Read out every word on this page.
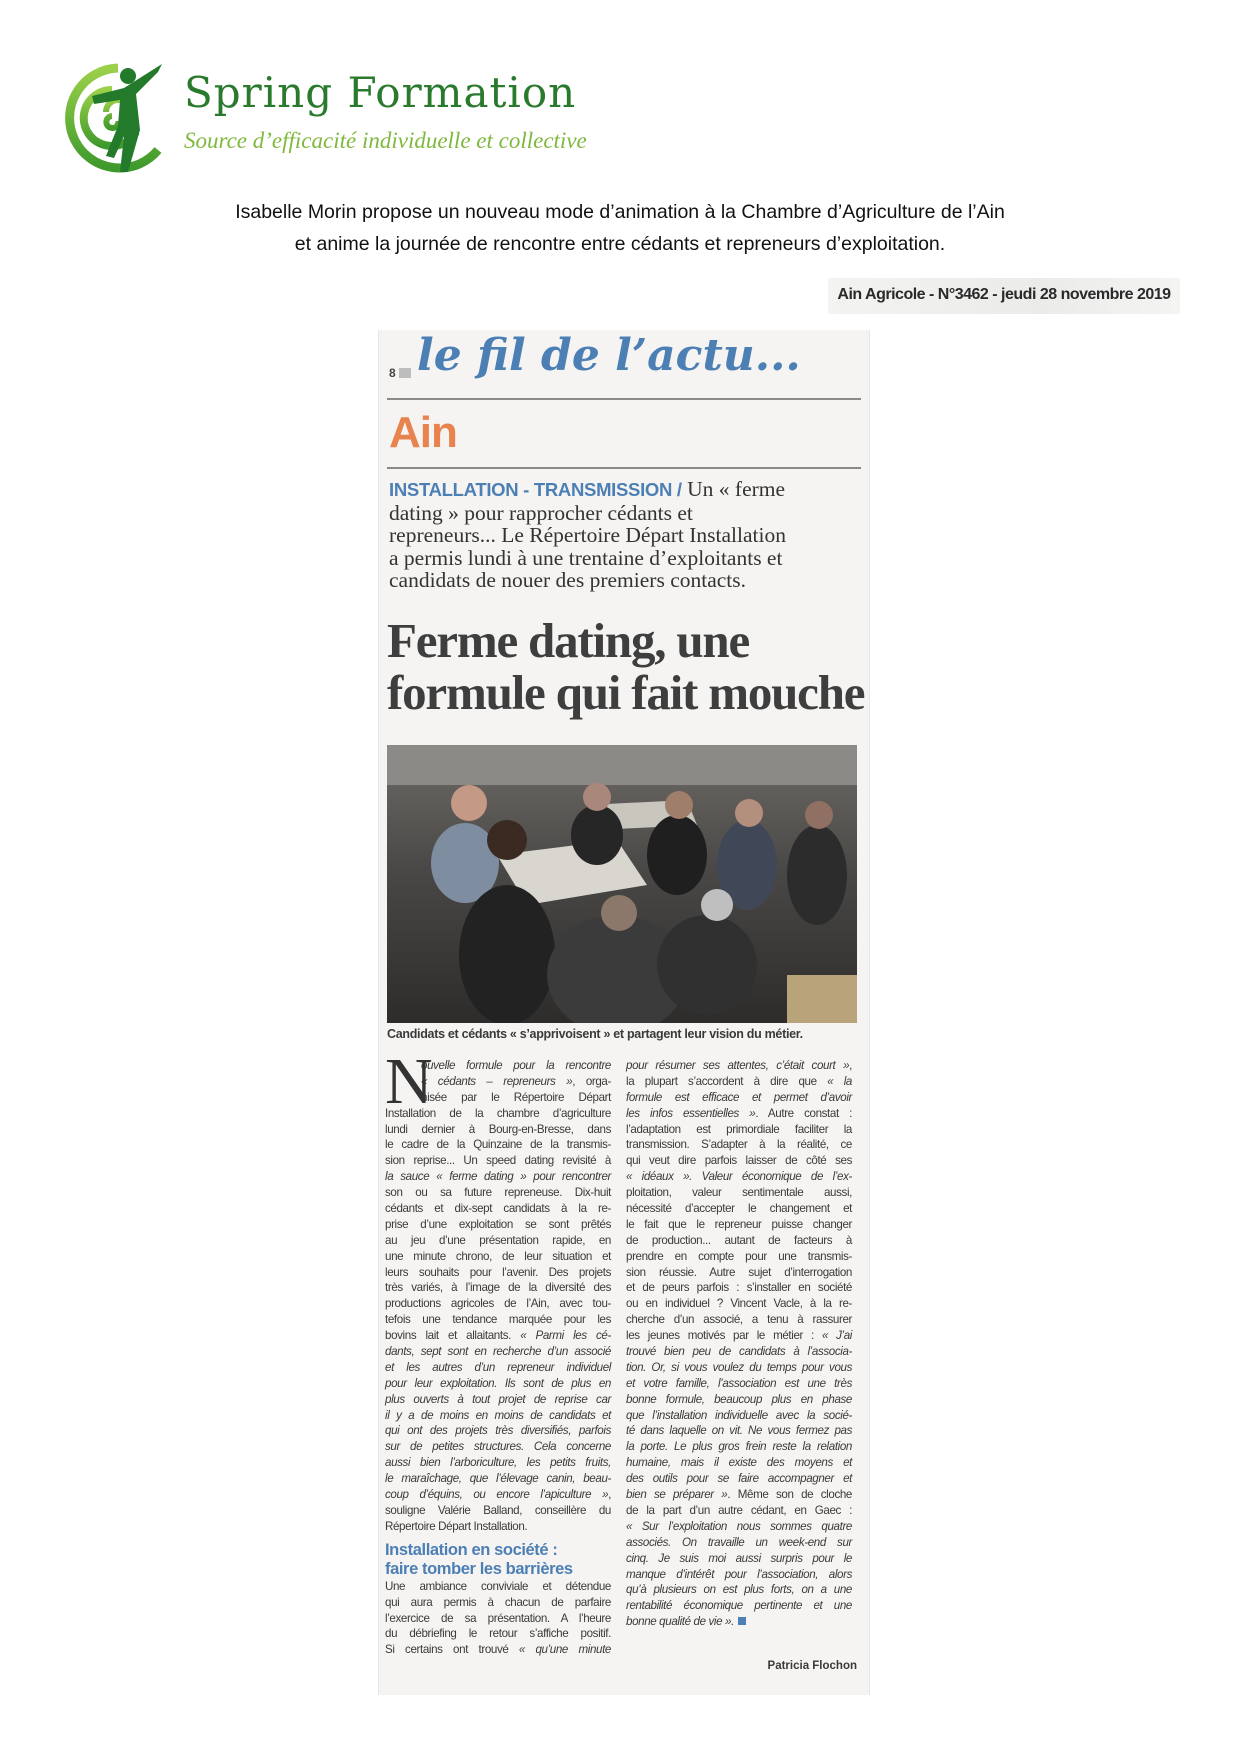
Spring Formation
Source d’efficacité individuelle et collective
Isabelle Morin propose un nouveau mode d’animation à la Chambre d’Agriculture de l’Ain
et anime la journée de rencontre entre cédants et repreneurs d’exploitation.
Ain Agricole - N°3462 - jeudi 28 novembre 2019
8 le fil de l’actu...
Ain
INSTALLATION - TRANSMISSION / Un « ferme
dating » pour rapprocher cédants et
repreneurs... Le Répertoire Départ Installation
a permis lundi à une trentaine d’exploitants et
candidats de nouer des premiers contacts.
Ferme dating, une
formule qui fait mouche
Candidats et cédants « s’apprivoisent » et partagent leur vision du métier.
N
ouvelle formule pour la rencontre
« cédants – repreneurs », orga-
nisée par le Répertoire Départ
Installation de la chambre d’agriculture
lundi dernier à Bourg-en-Bresse, dans
le cadre de la Quinzaine de la transmis-
sion reprise... Un speed dating revisité à
la sauce « ferme dating » pour rencontrer
son ou sa future repreneuse. Dix-huit
cédants et dix-sept candidats à la re-
prise d’une exploitation se sont prêtés
au jeu d’une présentation rapide, en
une minute chrono, de leur situation et
leurs souhaits pour l’avenir. Des projets
très variés, à l’image de la diversité des
productions agricoles de l’Ain, avec tou-
tefois une tendance marquée pour les
bovins lait et allaitants. « Parmi les cé-
dants, sept sont en recherche d’un associé
et les autres d’un repreneur individuel
pour leur exploitation. Ils sont de plus en
plus ouverts à tout projet de reprise car
il y a de moins en moins de candidats et
qui ont des projets très diversifiés, parfois
sur de petites structures. Cela concerne
aussi bien l’arboriculture, les petits fruits,
le maraîchage, que l’élevage canin, beau-
coup d’équins, ou encore l’apiculture »,
souligne Valérie Balland, conseillère du
Répertoire Départ Installation.
Installation en société :
faire tomber les barrières
Une ambiance conviviale et détendue
qui aura permis à chacun de parfaire
l’exercice de sa présentation. A l’heure
du débriefing le retour s’affiche positif.
Si certains ont trouvé « qu’une minute
pour résumer ses attentes, c’était court »,
la plupart s’accordent à dire que « la
formule est efficace et permet d’avoir
les infos essentielles ». Autre constat :
l’adaptation est primordiale faciliter la
transmission. S’adapter à la réalité, ce
qui veut dire parfois laisser de côté ses
« idéaux ». Valeur économique de l’ex-
ploitation, valeur sentimentale aussi,
nécessité d’accepter le changement et
le fait que le repreneur puisse changer
de production... autant de facteurs à
prendre en compte pour une transmis-
sion réussie. Autre sujet d’interrogation
et de peurs parfois : s’installer en société
ou en individuel ? Vincent Vacle, à la re-
cherche d’un associé, a tenu à rassurer
les jeunes motivés par le métier : « J’ai
trouvé bien peu de candidats à l’associa-
tion. Or, si vous voulez du temps pour vous
et votre famille, l’association est une très
bonne formule, beaucoup plus en phase
que l’installation individuelle avec la socié-
té dans laquelle on vit. Ne vous fermez pas
la porte. Le plus gros frein reste la relation
humaine, mais il existe des moyens et
des outils pour se faire accompagner et
bien se préparer ». Même son de cloche
de la part d’un autre cédant, en Gaec :
« Sur l’exploitation nous sommes quatre
associés. On travaille un week-end sur
cinq. Je suis moi aussi surpris pour le
manque d’intérêt pour l’association, alors
qu’à plusieurs on est plus forts, on a une
rentabilité économique pertinente et une
bonne qualité de vie ».
Patricia Flochon
